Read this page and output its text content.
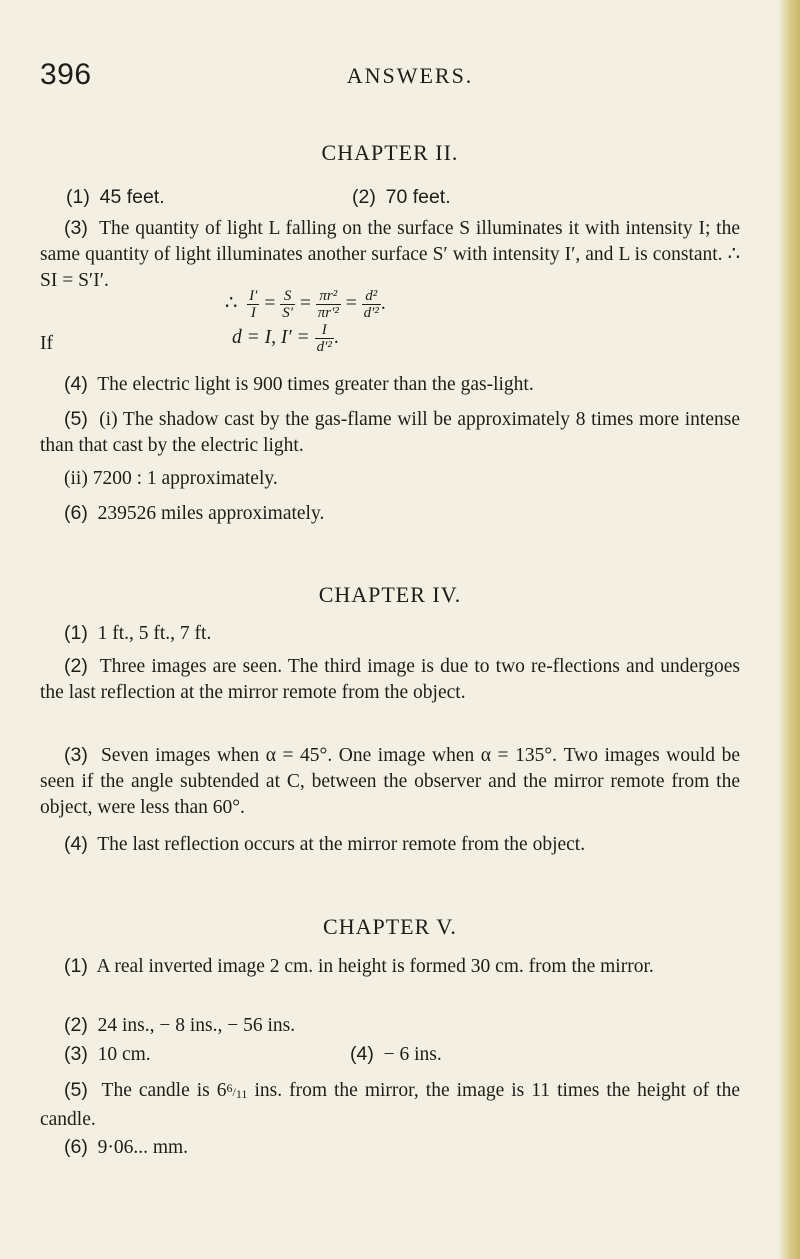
396	ANSWERS.
CHAPTER II.
(1) 45 feet.	(2) 70 feet.
(3) The quantity of light L falling on the surface S illuminates it with intensity I; the same quantity of light illuminates another surface S′ with intensity I′, and L is constant. ∴ SI = S′I′.
∴ $\frac{I'}{I} = \frac{S}{S'} = \frac{\text{πr²}}{\text{πr′²}} = \frac{\text{d²}}{\text{d′²}}$ .
If	d = I, $I' = \frac{I}{\text{d′²}}$ .
(4) The electric light is 900 times greater than the gas-light.
(5) (i) The shadow cast by the gas-flame will be approximately 8 times more intense than that cast by the electric light.
(ii) 7200 : 1 approximately.
(6) 239526 miles approximately.
CHAPTER IV.
(1) 1 ft., 5 ft., 7 ft.
(2) Three images are seen. The third image is due to two re-flections and undergoes the last reflection at the mirror remote from the object.
(3) Seven images when α = 45°. One image when α = 135°. Two images would be seen if the angle subtended at C, between the observer and the mirror remote from the object, were less than 60°.
(4) The last reflection occurs at the mirror remote from the object.
CHAPTER V.
(1) A real inverted image 2 cm. in height is formed 30 cm. from the mirror.
(2) 24 ins., − 8 ins., − 56 ins.
(3) 10 cm.	(4) − 6 ins.
(5) The candle is $6^6/11$ ins. from the mirror, the image is 11 times the height of the candle.
(6) 9·06... mm.
